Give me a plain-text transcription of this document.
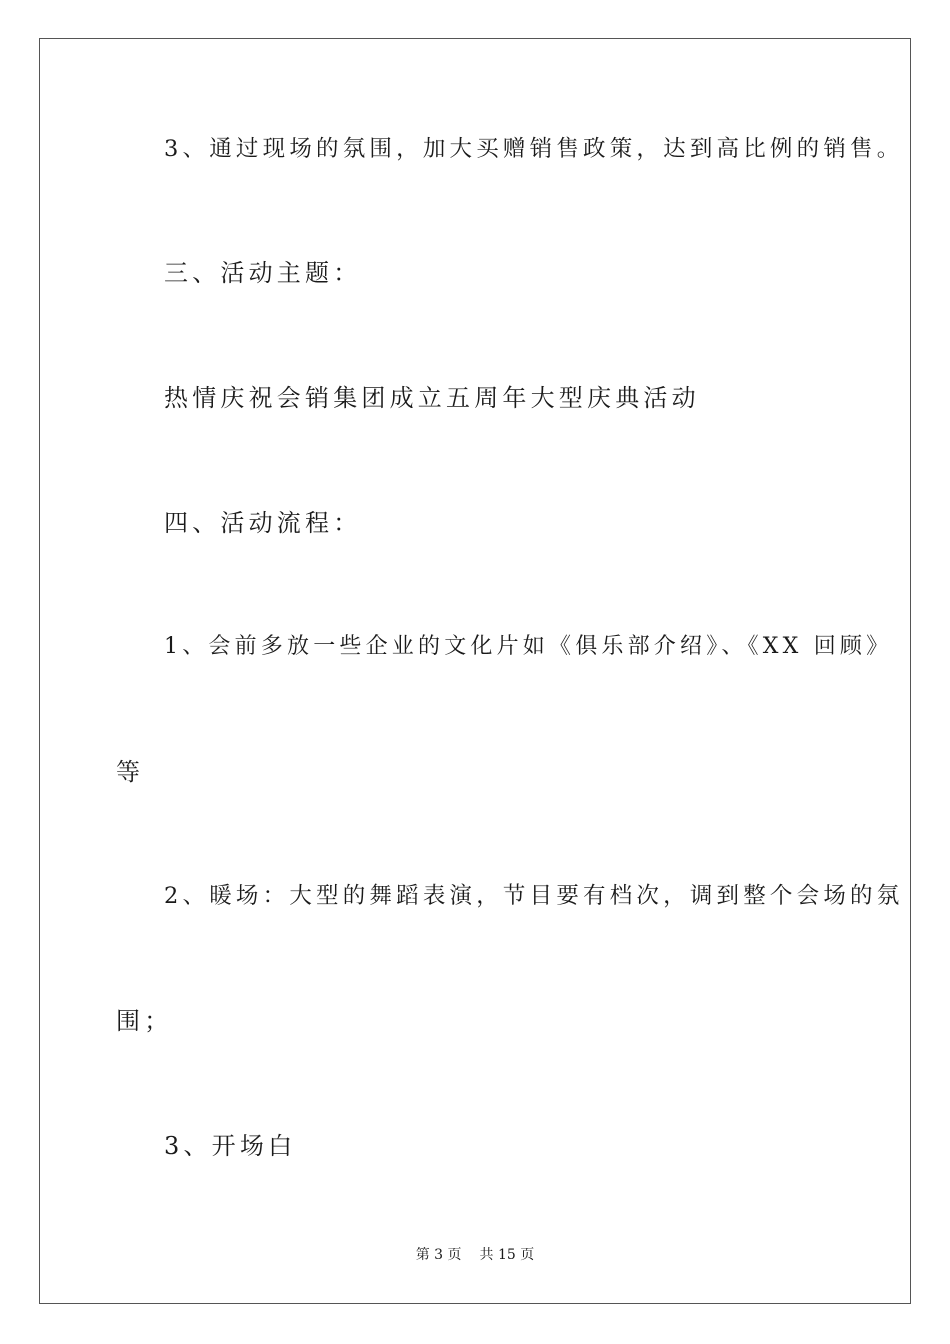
3、通过现场的氛围，加大买赠销售政策，达到高比例的销售。
三、活动主题：
热情庆祝会销集团成立五周年大型庆典活动
四、活动流程：
1、会前多放一些企业的文化片如《俱乐部介绍》、《XX 回顾》
等
2、暖场：大型的舞蹈表演，节目要有档次，调到整个会场的氛
围；
3、开场白
第 3 页 共 15 页
